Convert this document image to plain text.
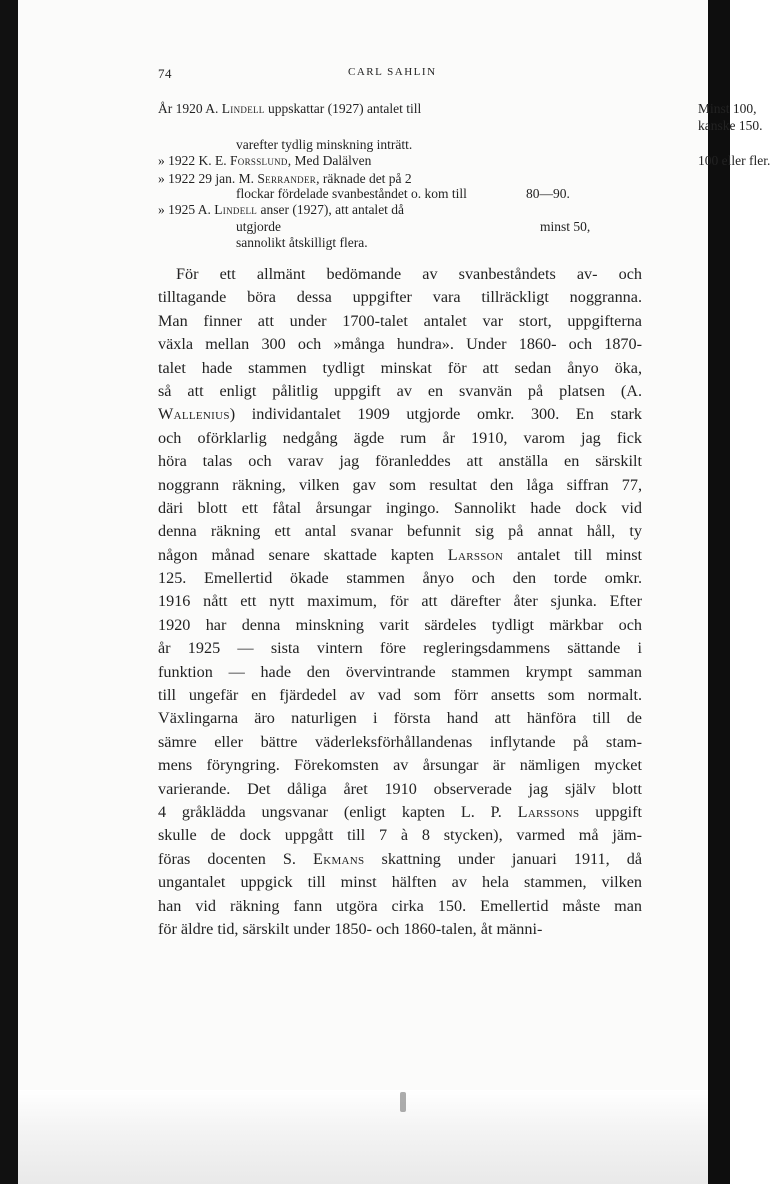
74	CARL SAHLIN
År 1920 A. Lindell uppskattar (1927) antalet till	Minst 100,
kanske 150.

varefter tydlig minskning inträtt.
» 1922 K. E. Forsslund, Med Dalälven	100 eller fler.
» 1922 29 jan. M. Serrander, räknade det på 2
flockar fördelade svanbeståndet o. kom till	80—90.
» 1925 A. Lindell anser (1927), att antalet då
utgjorde	minst 50,
sannolikt åtskilligt flera.
För ett allmänt bedömande av svanbeståndets av- och
tilltagande böra dessa uppgifter vara tillräckligt noggranna.
Man finner att under 1700-talet antalet var stort, uppgifterna
växla mellan 300 och »många hundra». Under 1860- och 1870-
talet hade stammen tydligt minskat för att sedan ånyo öka,
så att enligt pålitlig uppgift av en svanvän på platsen (A.
Wallenius) individantalet 1909 utgjorde omkr. 300. En stark
och oförklarlig nedgång ägde rum år 1910, varom jag fick
höra talas och varav jag föranleddes att anställa en särskilt
noggrann räkning, vilken gav som resultat den låga siffran 77,
däri blott ett fåtal årsungar ingingo. Sannolikt hade dock vid
denna räkning ett antal svanar befunnit sig på annat håll, ty
någon månad senare skattade kapten Larsson antalet till minst
125. Emellertid ökade stammen ånyo och den torde omkr.
1916 nått ett nytt maximum, för att därefter åter sjunka. Efter
1920 har denna minskning varit särdeles tydligt märkbar och
år 1925 — sista vintern före regleringsdammens sättande i
funktion — hade den övervintrande stammen krympt samman
till ungefär en fjärdedel av vad som förr ansetts som normalt.
Växlingarna äro naturligen i första hand att hänföra till de
sämre eller bättre väderleksförhållandenas inflytande på stam-
mens föryngring. Förekomsten av årsungar är nämligen mycket
varierande. Det dåliga året 1910 observerade jag själv blott
4 gråklädda ungsvanar (enligt kapten L. P. Larssons uppgift
skulle de dock uppgått till 7 à 8 stycken), varmed må jäm-
föras docenten S. Ekmans skattning under januari 1911, då
ungantalet uppgick till minst hälften av hela stammen, vilken
han vid räkning fann utgöra cirka 150. Emellertid måste man
för äldre tid, särskilt under 1850- och 1860-talen, åt männi-
